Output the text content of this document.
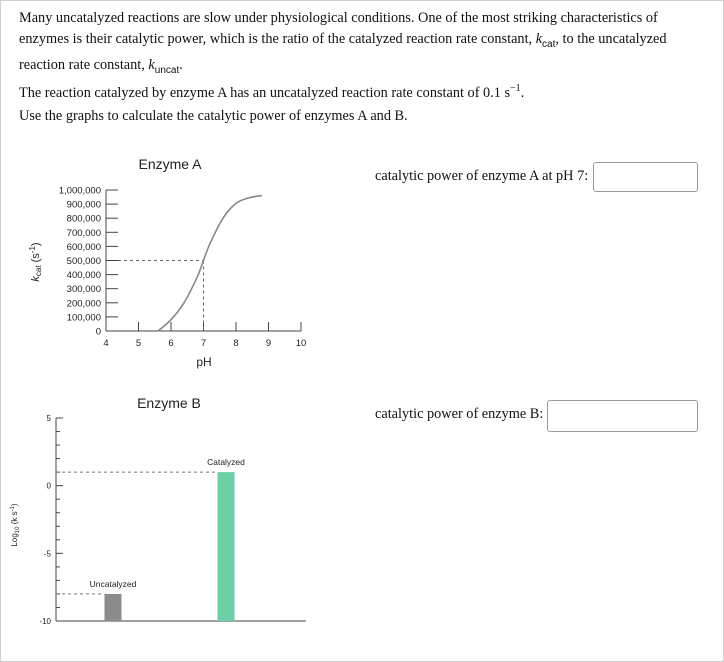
Many uncatalyzed reactions are slow under physiological conditions. One of the most striking characteristics of enzymes is their catalytic power, which is the ratio of the catalyzed reaction rate constant, $k_{cat}$, to the uncatalyzed reaction rate constant, $k_{uncat}$.

The reaction catalyzed by enzyme A has an uncatalyzed reaction rate constant of 0.1 $s^{-1}$.

Use the graphs to calculate the catalytic power of enzymes A and B.

catalytic power of enzyme A at pH 7:
catalytic power of enzyme B:
Enzyme A
kcat $(s^{-1})$
pH
0
100,000
200,000
300,000
400,000
500,000
600,000
700,000
800,000
900,000
1,000,000
4	5	6	7	8	9	10
Enzyme B
Log$_{10}$ (k $s^{-1}$)
5
0
-5
-10
Uncatalyzed
Catalyzed
